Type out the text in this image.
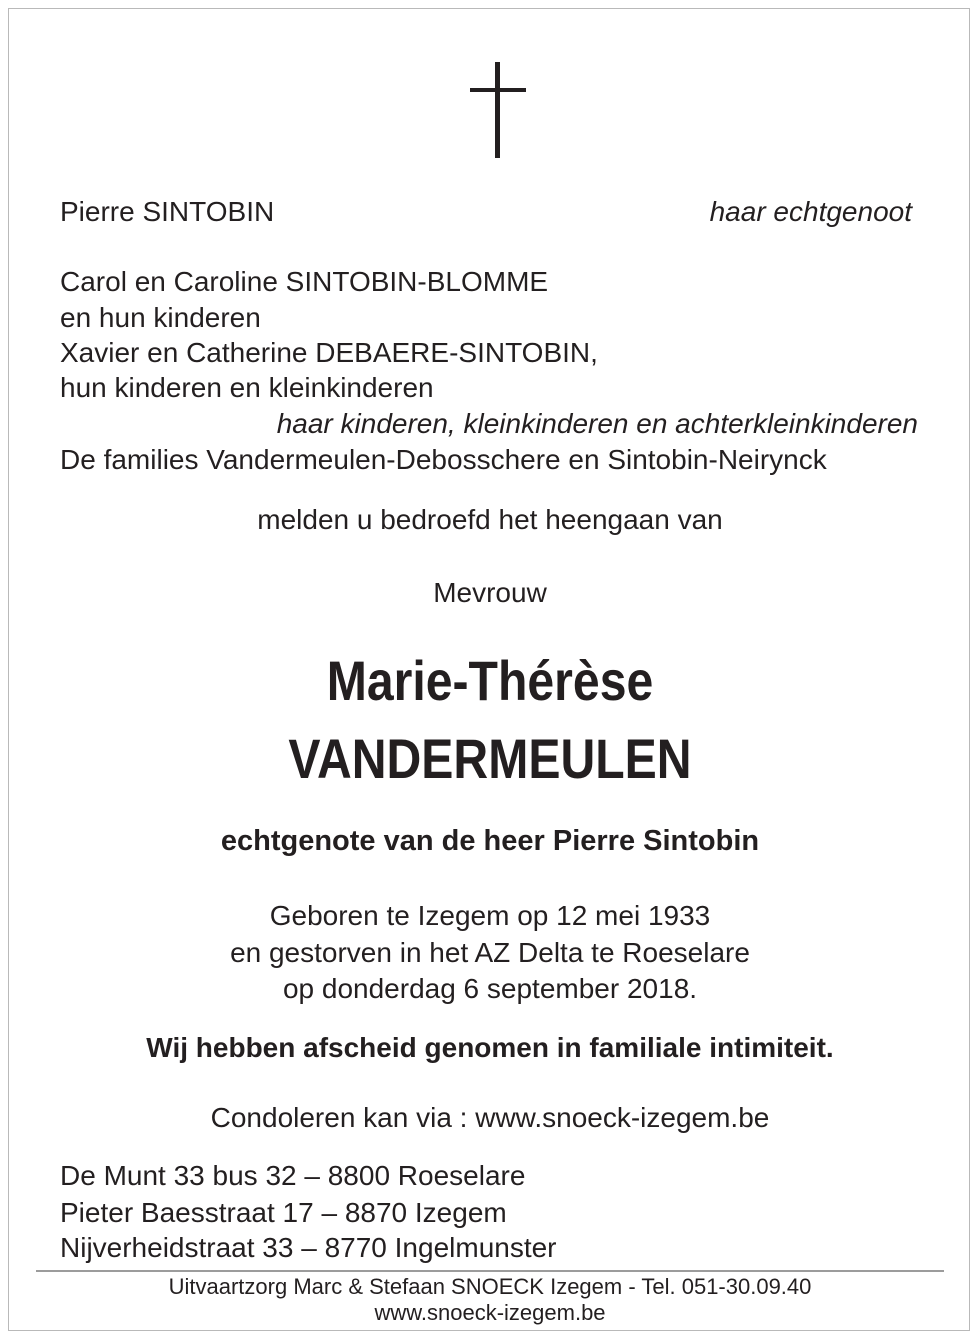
Pierre SINTOBIN	haar echtgenoot
Carol en Caroline SINTOBIN-BLOMME
en hun kinderen
Xavier en Catherine DEBAERE-SINTOBIN,
hun kinderen en kleinkinderen
haar kinderen, kleinkinderen en achterkleinkinderen
De families Vandermeulen-Debosschere en Sintobin-Neirynck
melden u bedroefd het heengaan van
Mevrouw
Marie-Thérèse
VANDERMEULEN
echtgenote van de heer Pierre Sintobin
Geboren te Izegem op 12 mei 1933
en gestorven in het AZ Delta te Roeselare
op donderdag 6 september 2018.
Wij hebben afscheid genomen in familiale intimiteit.
Condoleren kan via : www.snoeck-izegem.be
De Munt 33 bus 32 – 8800 Roeselare
Pieter Baesstraat 17 – 8870 Izegem
Nijverheidstraat 33 – 8770 Ingelmunster
Uitvaartzorg Marc & Stefaan SNOECK Izegem - Tel. 051-30.09.40
www.snoeck-izegem.be
